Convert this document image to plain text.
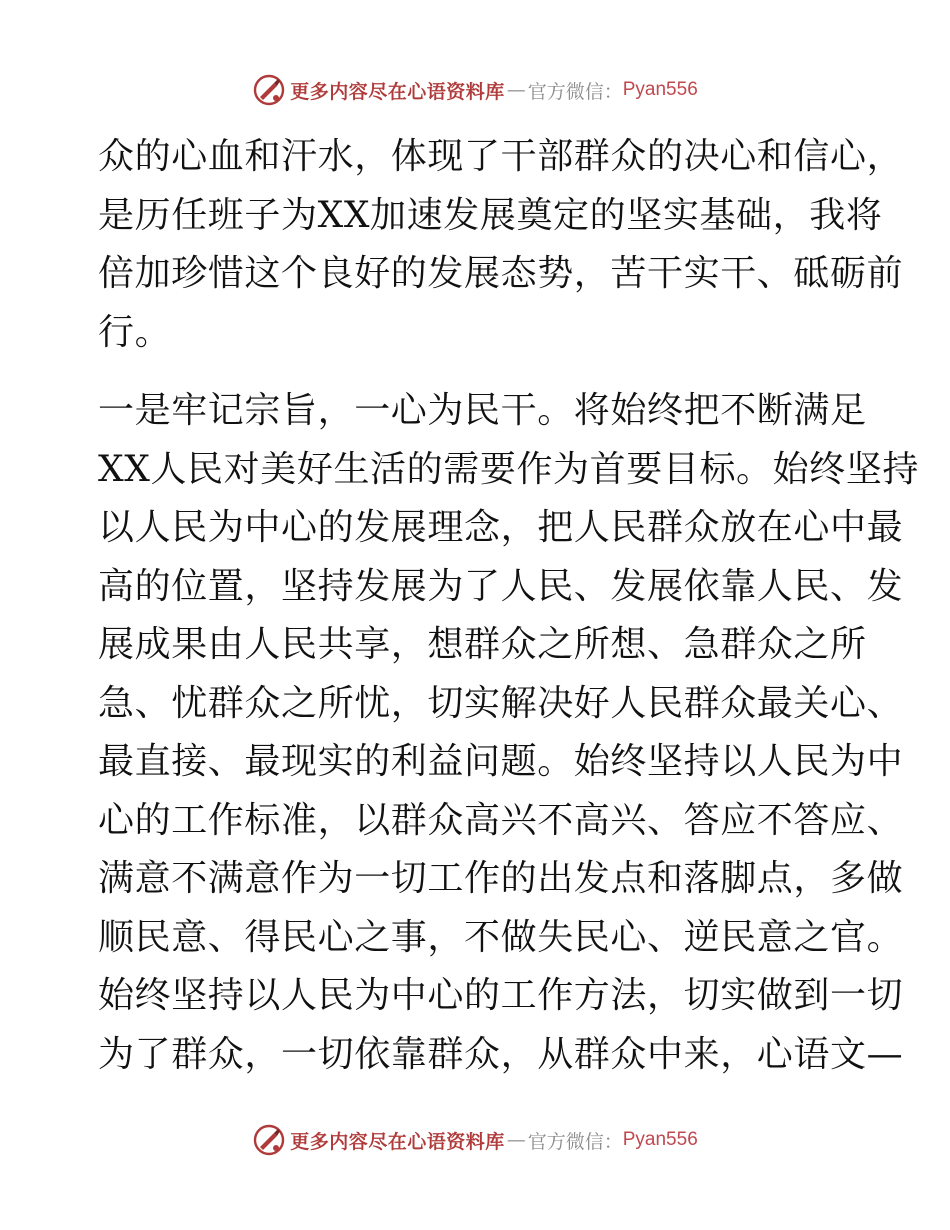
更多内容尽在心语资料库 — 官方微信： Pyan556
众的心血和汗水，体现了干部群众的决心和信心，
是历任班子为XX加速发展奠定的坚实基础，我将
倍加珍惜这个良好的发展态势，苦干实干、砥砺前
行。
一是牢记宗旨，一心为民干。将始终把不断满足
XX人民对美好生活的需要作为首要目标。始终坚持
以人民为中心的发展理念，把人民群众放在心中最
高的位置，坚持发展为了人民、发展依靠人民、发
展成果由人民共享，想群众之所想、急群众之所
急、忧群众之所忧，切实解决好人民群众最关心、
最直接、最现实的利益问题。始终坚持以人民为中
心的工作标准，以群众高兴不高兴、答应不答应、
满意不满意作为一切工作的出发点和落脚点，多做
顺民意、得民心之事，不做失民心、逆民意之官。
始终坚持以人民为中心的工作方法，切实做到一切
为了群众，一切依靠群众，从群众中来，心语文—
更多内容尽在心语资料库 — 官方微信： Pyan556
